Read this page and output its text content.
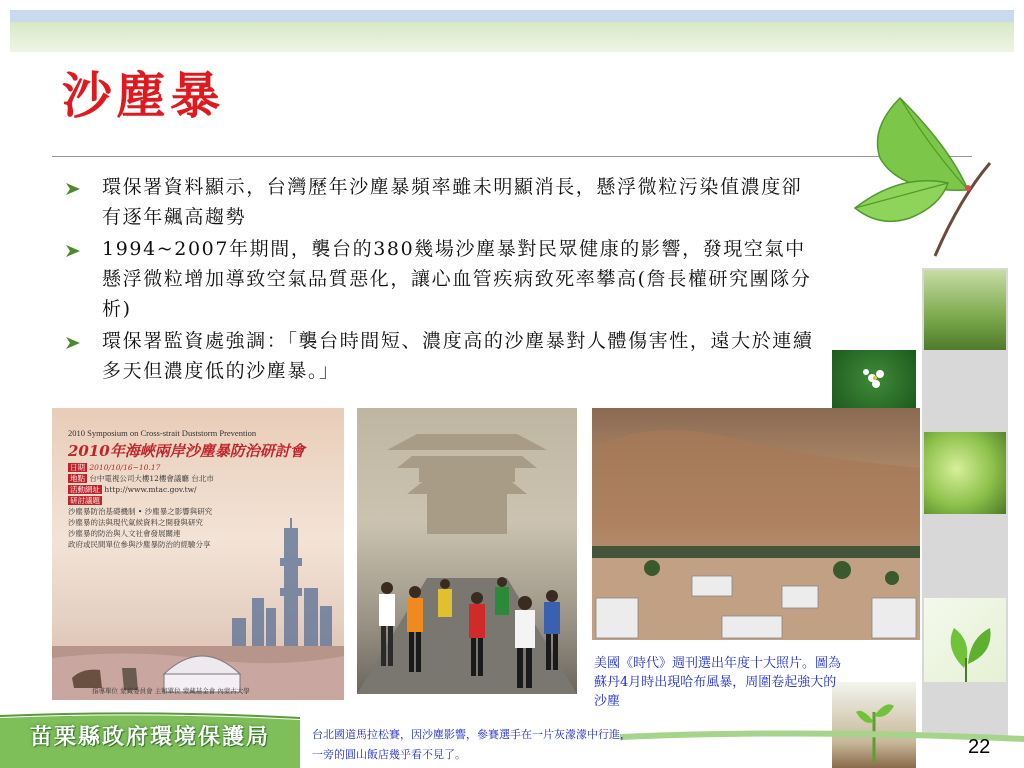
沙塵暴
環保署資料顯示，台灣歷年沙塵暴頻率雖未明顯消長，懸浮微粒污染值濃度卻有逐年飆高趨勢
1994~2007年期間，襲台的380幾場沙塵暴對民眾健康的影響，發現空氣中懸浮微粒增加導致空氣品質惡化，讓心血管疾病致死率攀高(詹長權研究團隊分 析)
環保署監資處強調：「襲台時間短、濃度高的沙塵暴對人體傷害性，遠大於連續多天但濃度低的沙塵暴。」
2010 Symposium on Cross-strait Duststorm Prevention
2010年海峽兩岸沙塵暴防治研討會
日期 2010/10/16~10.17
地點 台中電視公司大樓12樓會議廳 台北市
活動網址 http://www.mtac.gov.tw/
研討議題
沙塵暴防治基礎機制 • 沙塵暴之影響與研究
沙塵暴的法與現代氣候資料之開發與研究
沙塵暴的防治與人文社會發展關連
政府或民間單位參與沙塵暴防治的經驗分享
指導單位 蒙藏委員會 主辦單位 蒙藏基金會 內蒙古大學
美國《時代》週刊選出年度十大照片。圖為蘇丹4月時出現哈布風暴，周圍卷起強大的沙塵
苗栗縣政府環境保護局	台北國道馬拉松賽，因沙塵影響，參賽選手在一片灰濛濛中行進，一旁的圓山飯店幾乎看不見了。	22
